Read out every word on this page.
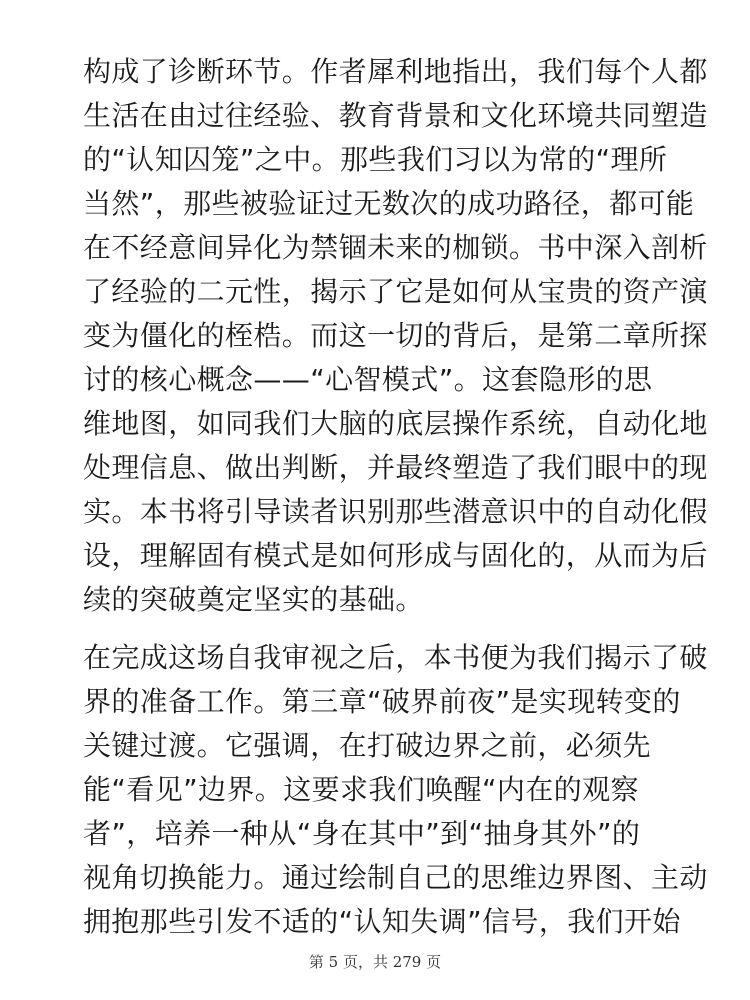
构成了诊断环节。作者犀利地指出，我们每个人都
生活在由过往经验、教育背景和文化环境共同塑造
的“认知囚笼”之中。那些我们习以为常的“理所
当然”，那些被验证过无数次的成功路径，都可能
在不经意间异化为禁锢未来的枷锁。书中深入剖析
了经验的二元性，揭示了它是如何从宝贵的资产演
变为僵化的桎梏。而这一切的背后，是第二章所探
讨的核心概念——“心智模式”。这套隐形的思
维地图，如同我们大脑的底层操作系统，自动化地
处理信息、做出判断，并最终塑造了我们眼中的现
实。本书将引导读者识别那些潜意识中的自动化假
设，理解固有模式是如何形成与固化的，从而为后
续的突破奠定坚实的基础。
在完成这场自我审视之后，本书便为我们揭示了破
界的准备工作。第三章“破界前夜”是实现转变的
关键过渡。它强调，在打破边界之前，必须先
能“看见”边界。这要求我们唤醒“内在的观察
者”，培养一种从“身在其中”到“抽身其外”的
视角切换能力。通过绘制自己的思维边界图、主动
拥抱那些引发不适的“认知失调”信号，我们开始
第 5 页，共 279 页
